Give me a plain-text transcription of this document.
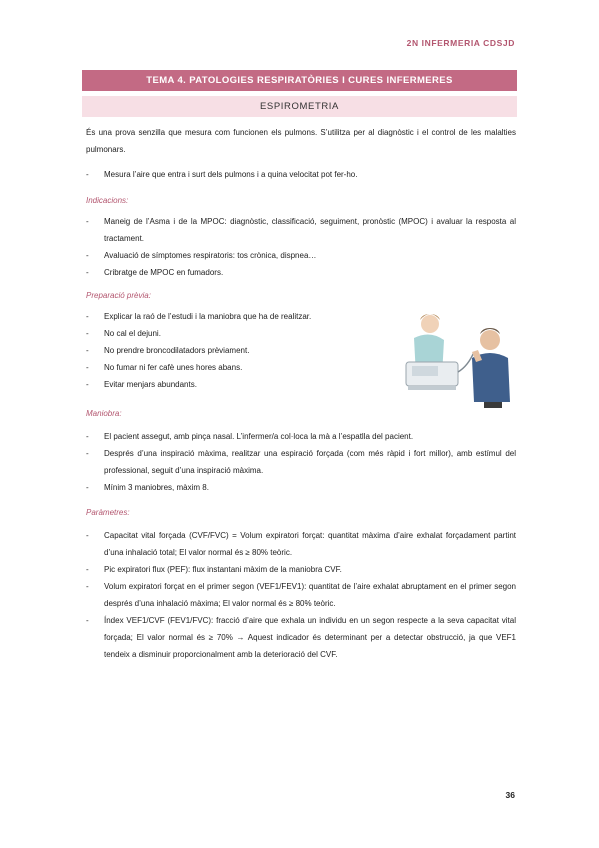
2N INFERMERIA CDSJD
TEMA 4. PATOLOGIES RESPIRATÒRIES I CURES INFERMERES
ESPIROMETRIA

És una prova senzilla que mesura com funcionen els pulmons. S’utilitza per al diagnòstic i el control de les malalties pulmonars.

- Mesura l’aire que entra i surt dels pulmons i a quina velocitat pot fer-ho.
Indicacions:
- Maneig de l’Asma i de la MPOC: diagnòstic, classificació, seguiment, pronòstic (MPOC) i avaluar la resposta al tractament.
- Avaluació de símptomes respiratoris: tos crònica, dispnea…
- Cribratge de MPOC en fumadors.
Preparació prèvia:
- Explicar la raó de l’estudi i la maniobra que ha de realitzar.
- No cal el dejuni.
- No prendre broncodilatadors prèviament.
- No fumar ni fer cafè unes hores abans.
- Evitar menjars abundants.
Maniobra:
- El pacient assegut, amb pinça nasal. L’infermer/a col·loca la mà a l’espatlla del pacient.
- Després d’una inspiració màxima, realitzar una espiració forçada (com més ràpid i fort millor), amb estímul del professional, seguit d’una inspiració màxima.
- Mínim 3 maniobres, màxim 8.
Paràmetres:
- Capacitat vital forçada (CVF/FVC) = Volum expiratori forçat: quantitat màxima d’aire exhalat forçadament partint d’una inhalació total; El valor normal és ≥ 80% teòric.
- Pic expiratori flux (PEF): flux instantani màxim de la maniobra CVF.
- Volum expiratori forçat en el primer segon (VEF1/FEV1): quantitat de l’aire exhalat abruptament en el primer segon després d’una inhalació màxima; El valor normal és ≥ 80% teòric.
- Índex VEF1/CVF (FEV1/FVC): fracció d’aire que exhala un individu en un segon respecte a la seva capacitat vital forçada; El valor normal és ≥ 70% → Aquest indicador és determinant per a detectar obstrucció, ja que VEF1 tendeix a disminuir proporcionalment amb la deterioració del CVF.
36
